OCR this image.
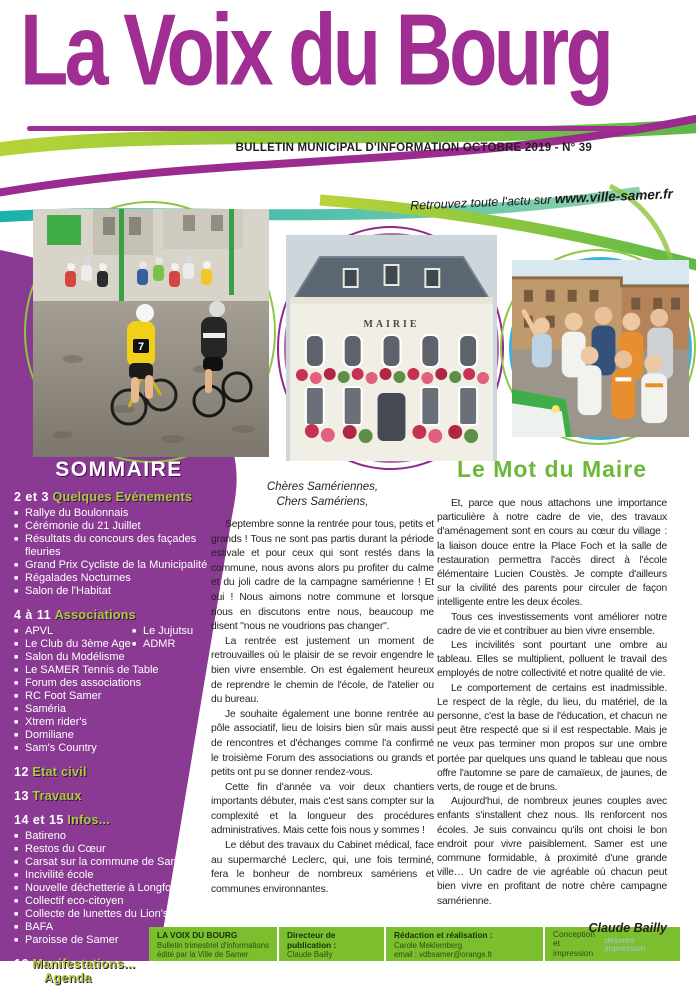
La Voix du Bourg
BULLETIN MUNICIPAL D'INFORMATION OCTOBRE 2019 - N° 39
Retrouvez toute l'actu sur www.ville-samer.fr
7
MAIRIE
SOMMAIRE
2 et 3 Quelques Evénements
■ Rallye du Boulonnais
■ Cérémonie du 21 Juillet
■ Résultats du concours des façades fleuries
■ Grand Prix Cycliste de la Municipalité
■ Régalades Nocturnes
■ Salon de l'Habitat
4 à 11 Associations
■ APVL
■ Le Club du 3ème Age
■ Le Jujutsu
■ ADMR
■ Salon du Modélisme
■ Le SAMER Tennis de Table
■ Forum des associations
■ RC Foot Samer
■ Saméria
■ Xtrem rider's
■ Domiliane
■ Sam's Country
12 Etat civil
13 Travaux
14 et 15 Infos...
■ Batireno
■ Restos du Cœur
■ Carsat sur la commune de Samer
■ Incivilité école
■ Nouvelle déchetterie à Longfossé
■ Collectif eco-citoyen
■ Collecte de lunettes du Lion's club
■ BAFA
■ Paroisse de Samer
16 Manifestations...
Agenda
Chères Samériennes,
Chers Samériens,

Septembre sonne la rentrée pour tous, petits et grands ! Tous ne sont pas partis durant la période estivale et pour ceux qui sont restés dans la commune, nous avons alors pu profiter du calme et du joli cadre de la campagne samérienne ! Et oui ! Nous aimons notre commune et lorsque nous en discutons entre nous, beaucoup me disent "nous ne voudrions pas changer".

La rentrée est justement un moment de retrouvailles où le plaisir de se revoir engendre le bien vivre ensemble. On est également heureux de reprendre le chemin de l'école, de l'atelier ou du bureau.

Je souhaite également une bonne rentrée au pôle associatif, lieu de loisirs bien sûr mais aussi de rencontres et d'échanges comme l'a confirmé le troisième Forum des associations ou grands et petits ont pu se donner rendez-vous.

Cette fin d'année va voir deux chantiers importants débuter, mais c'est sans compter sur la complexité et la longueur des procédures administratives. Mais cette fois nous y sommes !

Le début des travaux du Cabinet médical, face au supermarché Leclerc, qui, une fois terminé, fera le bonheur de nombreux samériens et communes environnantes.

Le Mot du Maire

Et, parce que nous attachons une importance particulière à notre cadre de vie, des travaux d'aménagement sont en cours au cœur du village : la liaison douce entre la Place Foch et la salle de restauration permettra l'accès direct à l'école élémentaire Lucien Coustès. Je compte d'ailleurs sur la civilité des parents pour circuler de façon intelligente entre les deux écoles.

Tous ces investissements vont améliorer notre cadre de vie et contribuer au bien vivre ensemble.

Les incivilités sont pourtant une ombre au tableau. Elles se multiplient, polluent le travail des employés de notre collectivité et notre qualité de vie.

Le comportement de certains est inadmissible. Le respect de la règle, du lieu, du matériel, de la personne, c'est la base de l'éducation, et chacun ne peut être respecté que si il est respectable. Mais je ne veux pas terminer mon propos sur une ombre portée par quelques uns quand le tableau que nous offre l'automne se pare de camaïeux, de jaunes, de verts, de rouge et de bruns.

Aujourd'hui, de nombreux jeunes couples avec enfants s'installent chez nous. Ils renforcent nos écoles. Je suis convaincu qu'ils ont choisi le bon endroit pour vivre paisiblement. Samer est une commune formidable, à proximité d'une grande ville… Un cadre de vie agréable où chacun peut bien vivre en profitant de notre chère campagne samérienne.

Claude Bailly
LA VOIX DU BOURG
Bulletin trimestriel d'informations
édité par la Ville de Samer
Directeur de publication :
Claude Bailly
Rédaction et réalisation :
Carole Meklemberg
email : vdbsamer@orange.fr
Conception
et impression
desvres impression
